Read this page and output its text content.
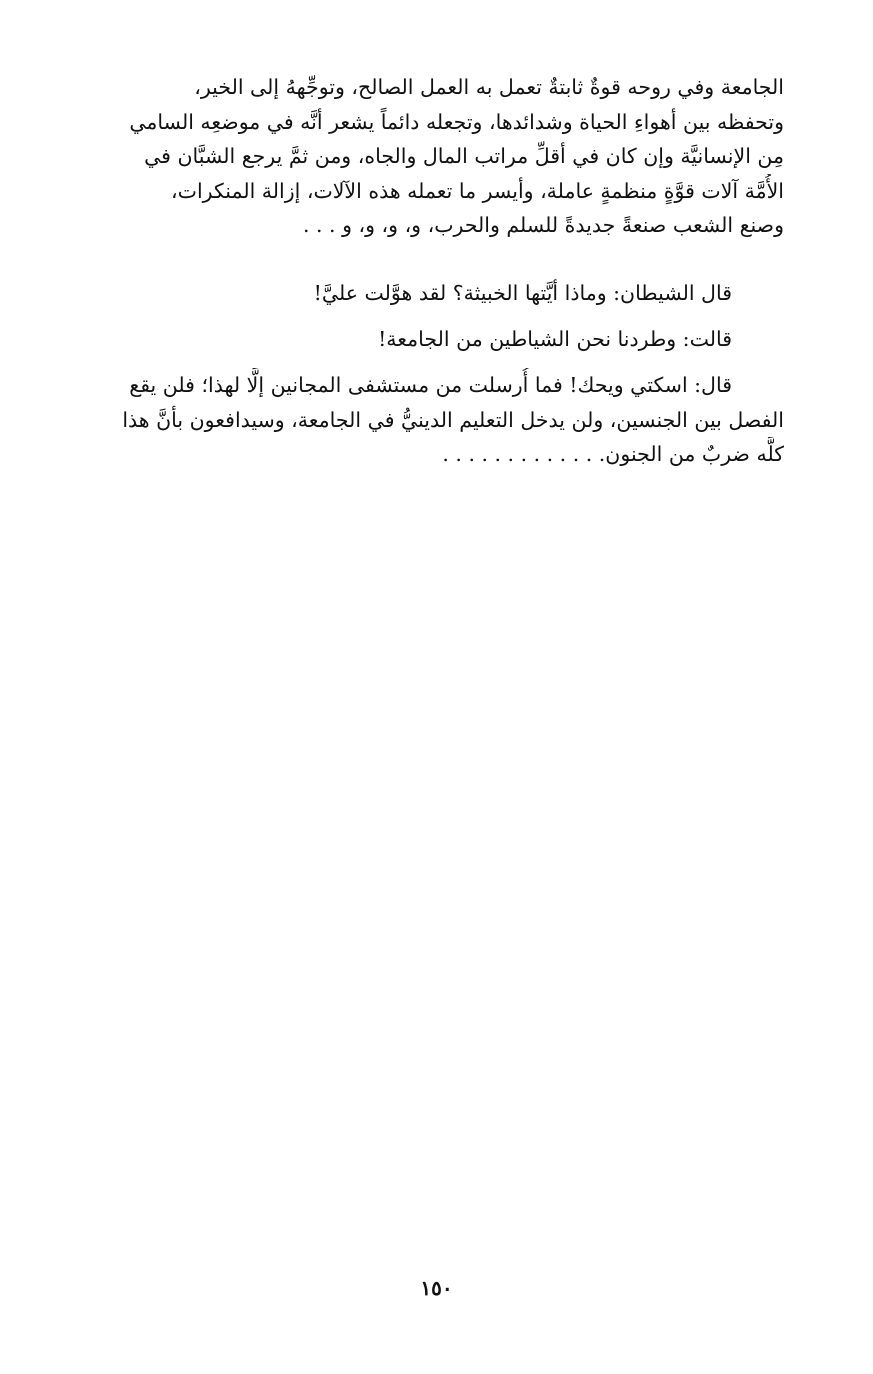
الجامعة وفي روحه قوةٌ ثابتةٌ تعمل به العمل الصالح، وتوجِّههُ إلى الخير،
وتحفظه بين أهواءِ الحياة وشدائدها، وتجعله دائماً يشعر أنَّه في موضعِه السامي
مِن الإنسانيَّة وإن كان في أقلِّ مراتب المال والجاه، ومن ثمَّ يرجع الشبَّان في
الأُمَّة آلات قوَّةٍ منظمةٍ عاملة، وأيسر ما تعمله هذه الآلات، إزالة المنكرات،
وصنع الشعب صنعةً جديدةً للسلم والحرب، و، و، و، و . . .
قال الشيطان: وماذا أيَّتها الخبيثة؟ لقد هوَّلت عليَّ!
قالت: وطردنا نحن الشياطين من الجامعة!
قال: اسكتي ويحك! فما أُرسلت من مستشفى المجانين إلَّا لهذا؛ فلن يقع
الفصل بين الجنسين، ولن يدخل التعليم الدينيُّ في الجامعة، وسيدافعون بأنَّ هذا
كلَّه ضربٌ من الجنون. . . . . . . . . . . . .
١٥٠
